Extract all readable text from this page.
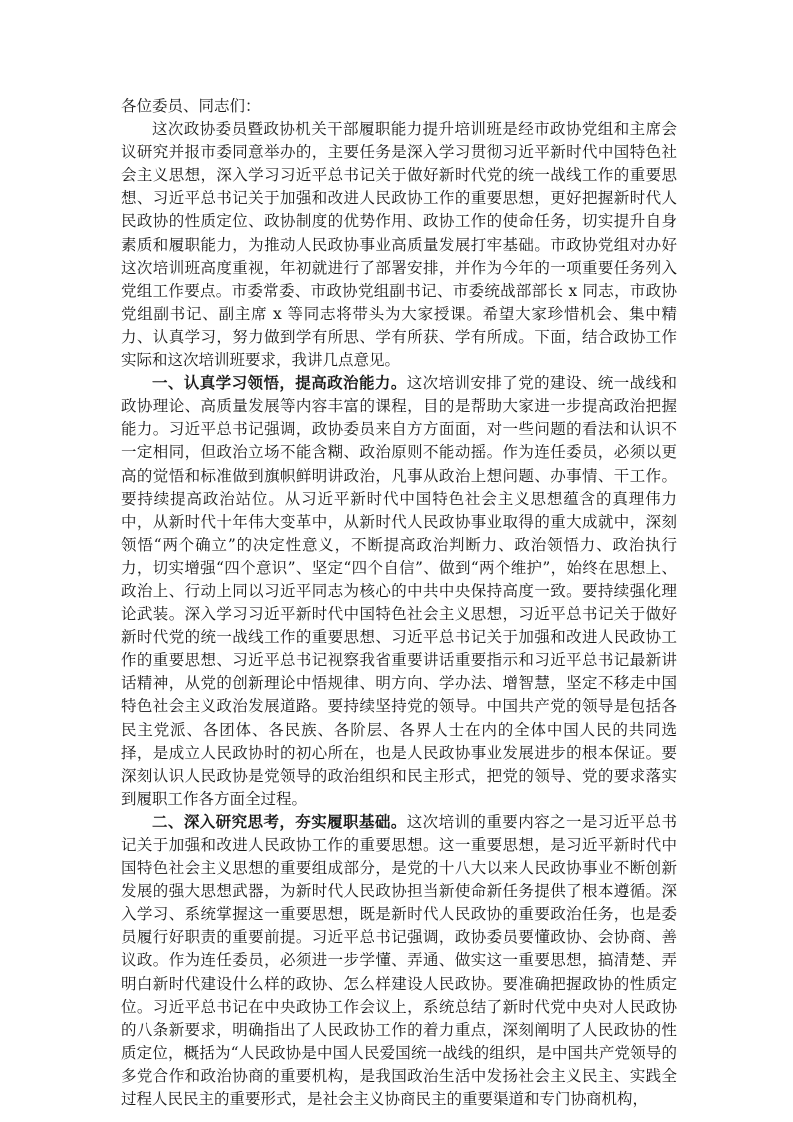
各位委员、同志们：

这次政协委员暨政协机关干部履职能力提升培训班是经市政协党组和主席会议研究并报市委同意举办的，主要任务是深入学习贯彻习近平新时代中国特色社会主义思想，深入学习习近平总书记关于做好新时代党的统一战线工作的重要思想、习近平总书记关于加强和改进人民政协工作的重要思想，更好把握新时代人民政协的性质定位、政协制度的优势作用、政协工作的使命任务，切实提升自身素质和履职能力，为推动人民政协事业高质量发展打牢基础。市政协党组对办好这次培训班高度重视，年初就进行了部署安排，并作为今年的一项重要任务列入党组工作要点。市委常委、市政协党组副书记、市委统战部部长 x 同志，市政协党组副书记、副主席 x 等同志将带头为大家授课。希望大家珍惜机会、集中精力、认真学习，努力做到学有所思、学有所获、学有所成。下面，结合政协工作实际和这次培训班要求，我讲几点意见。

一、认真学习领悟，提高政治能力。这次培训安排了党的建设、统一战线和政协理论、高质量发展等内容丰富的课程，目的是帮助大家进一步提高政治把握能力。习近平总书记强调，政协委员来自方方面面，对一些问题的看法和认识不一定相同，但政治立场不能含糊、政治原则不能动摇。作为连任委员，必须以更高的觉悟和标准做到旗帜鲜明讲政治，凡事从政治上想问题、办事情、干工作。要持续提高政治站位。从习近平新时代中国特色社会主义思想蕴含的真理伟力中，从新时代十年伟大变革中，从新时代人民政协事业取得的重大成就中，深刻领悟“两个确立”的决定性意义，不断提高政治判断力、政治领悟力、政治执行力，切实增强“四个意识”、坚定“四个自信”、做到“两个维护”，始终在思想上、政治上、行动上同以习近平同志为核心的中共中央保持高度一致。要持续强化理论武装。深入学习习近平新时代中国特色社会主义思想，习近平总书记关于做好新时代党的统一战线工作的重要思想、习近平总书记关于加强和改进人民政协工作的重要思想、习近平总书记视察我省重要讲话重要指示和习近平总书记最新讲话精神，从党的创新理论中悟规律、明方向、学办法、增智慧，坚定不移走中国特色社会主义政治发展道路。要持续坚持党的领导。中国共产党的领导是包括各民主党派、各团体、各民族、各阶层、各界人士在内的全体中国人民的共同选择，是成立人民政协时的初心所在，也是人民政协事业发展进步的根本保证。要深刻认识人民政协是党领导的政治组织和民主形式，把党的领导、党的要求落实到履职工作各方面全过程。

二、深入研究思考，夯实履职基础。这次培训的重要内容之一是习近平总书记关于加强和改进人民政协工作的重要思想。这一重要思想，是习近平新时代中国特色社会主义思想的重要组成部分，是党的十八大以来人民政协事业不断创新发展的强大思想武器，为新时代人民政协担当新使命新任务提供了根本遵循。深入学习、系统掌握这一重要思想，既是新时代人民政协的重要政治任务，也是委员履行好职责的重要前提。习近平总书记强调，政协委员要懂政协、会协商、善议政。作为连任委员，必须进一步学懂、弄通、做实这一重要思想，搞清楚、弄明白新时代建设什么样的政协、怎么样建设人民政协。要准确把握政协的性质定位。习近平总书记在中央政协工作会议上，系统总结了新时代党中央对人民政协的八条新要求，明确指出了人民政协工作的着力重点，深刻阐明了人民政协的性质定位，概括为“人民政协是中国人民爱国统一战线的组织，是中国共产党领导的多党合作和政治协商的重要机构，是我国政治生活中发扬社会主义民主、实践全过程人民民主的重要形式，是社会主义协商民主的重要渠道和专门协商机构，
